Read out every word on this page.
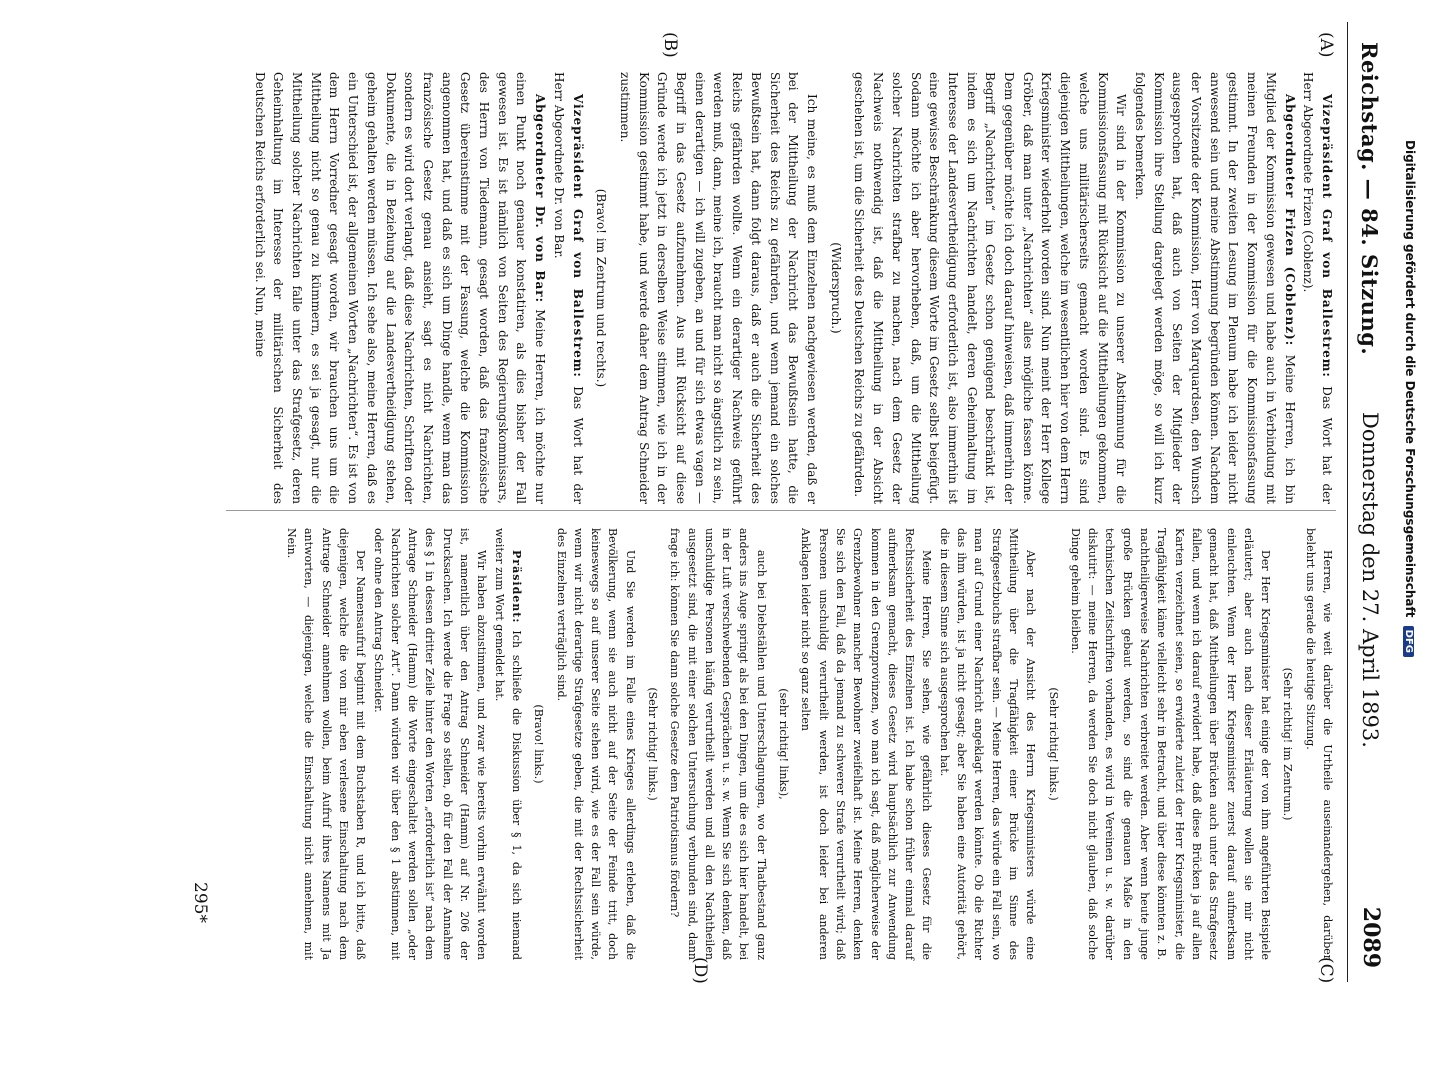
Reichstag. — 84. Sitzung.
Donnerstag den 27. April 1893.
2089
(A)
(B)
(C)
(D)

Vizepräsident Graf von Ballestrem: Das Wort hat der Herr Abgeordnete Frizen (Coblenz).

Abgeordneter Frizen (Coblenz): Meine Herren, ich bin Mitglied der Kommission gewesen und habe auch in Verbindung mit meinen Freunden in der Kommission für die Kommissionsfassung gestimmt. In der zweiten Lesung im Plenum habe ich leider nicht anwesend sein und meine Abstimmung begründen können. Nachdem der Vorsitzende der Kommission, Herr von Marquardsen, den Wunsch ausgesprochen hat, daß auch von Seiten der Mitglieder der Kommission ihre Stellung dargelegt werden möge, so will ich kurz folgendes bemerken.

Wir sind in der Kommission zu unserer Abstimmung für die Kommissionsfassung mit Rücksicht auf die Mittheilungen gekommen, welche uns militärischerseits gemacht worden sind. Es sind diejenigen Mittheilungen, welche im wesentlichen hier von dem Herrn Kriegsminister wiederholt worden sind. Nun meint der Herr Kollege Gröber, daß man unter „Nachrichten“ alles mögliche fassen könne. Dem gegenüber möchte ich doch darauf hinweisen, daß immerhin der Begriff „Nachrichten“ im Gesetz schon genügend beschränkt ist, indem es sich um Nachrichten handelt, deren Geheimhaltung im Interesse der Landesvertheidigung erforderlich ist, also immerhin ist eine gewisse Beschränkung diesem Worte im Gesetz selbst beigefügt. Sodann möchte ich aber hervorheben, daß, um die Mittheilung solcher Nachrichten strafbar zu machen, nach dem Gesetz der Nachweis nothwendig ist, daß die Mittheilung in der Absicht geschehen ist, um die Sicherheit des Deutschen Reichs zu gefährden.

(Widerspruch.)

Ich meine, es muß dem Einzelnen nachgewiesen werden, daß er bei der Mittheilung der Nachricht das Bewußtsein hatte, die Sicherheit des Reichs zu gefährden, und wenn jemand ein solches Bewußtsein hat, dann folgt daraus, daß er auch die Sicherheit des Reichs gefährden wollte. Wenn ein derartiger Nachweis geführt werden muß, dann, meine ich, braucht man nicht so ängstlich zu sein, einen derartigen — ich will zugeben, an und für sich etwas vagen — Begriff in das Gesetz aufzunehmen. Aus mit Rücksicht auf diese Gründe werde ich jetzt in derselben Weise stimmen, wie ich in der Kommission gestimmt habe, und werde daher dem Antrag Schneider zustimmen.

(Bravo! im Zentrum und rechts.)

Vizepräsident Graf von Ballestrem: Das Wort hat der Herr Abgeordnete Dr. von Bar.

Abgeordneter Dr. von Bar: Meine Herren, ich möchte nur einen Punkt noch genauer konstatiren, als dies bisher der Fall gewesen ist. Es ist nämlich von Seiten des Regierungskommissars, des Herrn von Tiedemann, gesagt worden, daß das französische Gesetz übereinstimme mit der Fassung, welche die Kommission angenommen hat, und daß es sich um Dinge handle, wenn man das französische Gesetz genau ansieht, sagt es nicht Nachrichten, sondern es wird dort verlangt, daß diese Nachrichten, Schriften oder Dokumente, die in Beziehung auf die Landesvertheidigung stehen, geheim gehalten werden müssen. Ich sehe also, meine Herren, daß es ein Unterschied ist, der allgemeinen Worten „Nachrichten“. Es ist von dem Herrn Vorredner gesagt worden, wir brauchen uns um die Mittheilung nicht so genau zu kümmern, es sei ja gesagt, nur die Mittheilung solcher Nachrichten falle unter das Strafgesetz, deren Geheimhaltung im Interesse der militärischen Sicherheit des Deutschen Reichs erforderlich sei. Nun, meine

Herren, wie weit darüber die Urtheile auseinandergehen, darüber belehrt uns gerade die heutige Sitzung.

(Sehr richtig! im Zentrum.)

Der Herr Kriegsminister hat einige der von ihm angeführten Beispiele erläutert; aber auch nach dieser Erläuterung wollen sie mir nicht einleuchten. Wenn der Herr Kriegsminister zuerst darauf aufmerksam gemacht hat, daß Mittheilungen über Brücken auch unter das Strafgesetz fallen, und wenn ich darauf erwidert habe, daß diese Brücken ja auf allen Karten verzeichnet seien, so erwiderte zuletzt der Herr Kriegsminister, die Tragfähigkeit käme vielleicht sehr in Betracht, und über diese könnten z. B. nachtheiligerweise Nachrichten verbreitet werden. Aber wenn heute junge große Brücken gebaut werden, so sind die genauen Maße in den technischen Zeitschriften vorhanden, es wird in Vereinen u. s. w. darüber diskutirt: — meine Herren, da werden Sie doch nicht glauben, daß solche Dinge geheim bleiben.

(Sehr richtig! links.)

Aber nach der Ansicht des Herrn Kriegsministers würde eine Mittheilung über die Tragfähigkeit einer Brücke im Sinne des Strafgesetzbuchs strafbar sein. — Meine Herren, das würde ein Fall sein, wo man auf Grund einer Nachricht angeklagt werden könnte. Ob die Richter das ihm würden, ist ja nicht gesagt; aber Sie haben eine Autorität gehört, die in diesem Sinne sich ausgesprochen hat.

Meine Herren, Sie sehen, wie gefährlich dieses Gesetz für die Rechtssicherheit des Einzelnen ist. Ich habe schon früher einmal darauf aufmerksam gemacht, dieses Gesetz wird hauptsächlich zur Anwendung kommen in den Grenzprovinzen, wo man ich sagt, daß möglicherweise der Grenzbewohner mancher Bewohner zweifelhaft ist. Meine Herren, denken Sie sich den Fall, daß da jemand zu schwerer Strafe verurtheilt wird; daß Personen unschuldig verurtheilt werden, ist doch leider bei anderen Anklagen leider nicht so ganz selten

(sehr richtig! links),

auch bei Diebstählen und Unterschlagungen, wo der Thatbestand ganz anders ins Auge springt als bei den Dingen, um die es sich hier handelt, bei in der Luft verschwebenden Gesprächen u. s. w. Wenn Sie sich denken, daß unschuldige Personen häufig verurtheilt werden und all den Nachtheilen ausgesetzt sind, die mit einer solchen Untersuchung verbunden sind, dann frage ich: können Sie dann solche Gesetze dem Patriotismus fördern?

(Sehr richtig! links.)

Und Sie werden im Falle eines Krieges allerdings erleben, daß die Bevölkerung, wenn sie auch nicht auf der Seite der Feinde tritt, doch keineswegs so auf unserer Seite stehen wird, wie es der Fall sein würde, wenn wir nicht derartige Strafgesetze geben, die mit der Rechtssicherheit des Einzelnen verträglich sind.

(Bravo! links.)

Präsident: Ich schließe die Diskussion über § 1, da sich niemand weiter zum Wort gemeldet hat.

Wir haben abzustimmen, und zwar wie bereits vorhin erwähnt worden ist, namentlich über den Antrag Schneider (Hamm) auf Nr. 206 der Drucksachen. Ich werde die Frage so stellen, ob für den Fall der Annahme des § 1 in dessen dritter Zeile hinter den Worten „erforderlich ist“ nach dem Antrage Schneider (Hamm) die Worte eingeschaltet werden sollen „oder Nachrichten solcher Art“. Dann würden wir über den § 1 abstimmen, mit oder ohne den Antrag Schneider.

Der Namensaufruf beginnt mit dem Buchstaben R, und ich bitte, daß diejenigen, welche die von mir eben verlesene Einschaltung nach dem Antrage Schneider annehmen wollen, beim Aufruf ihres Namens mit Ja antworten, — diejenigen, welche die Einschaltung nicht annehmen, mit Nein.

295*
Digitalisierung gefördert durch die Deutsche Forschungsgemeinschaft DFG
